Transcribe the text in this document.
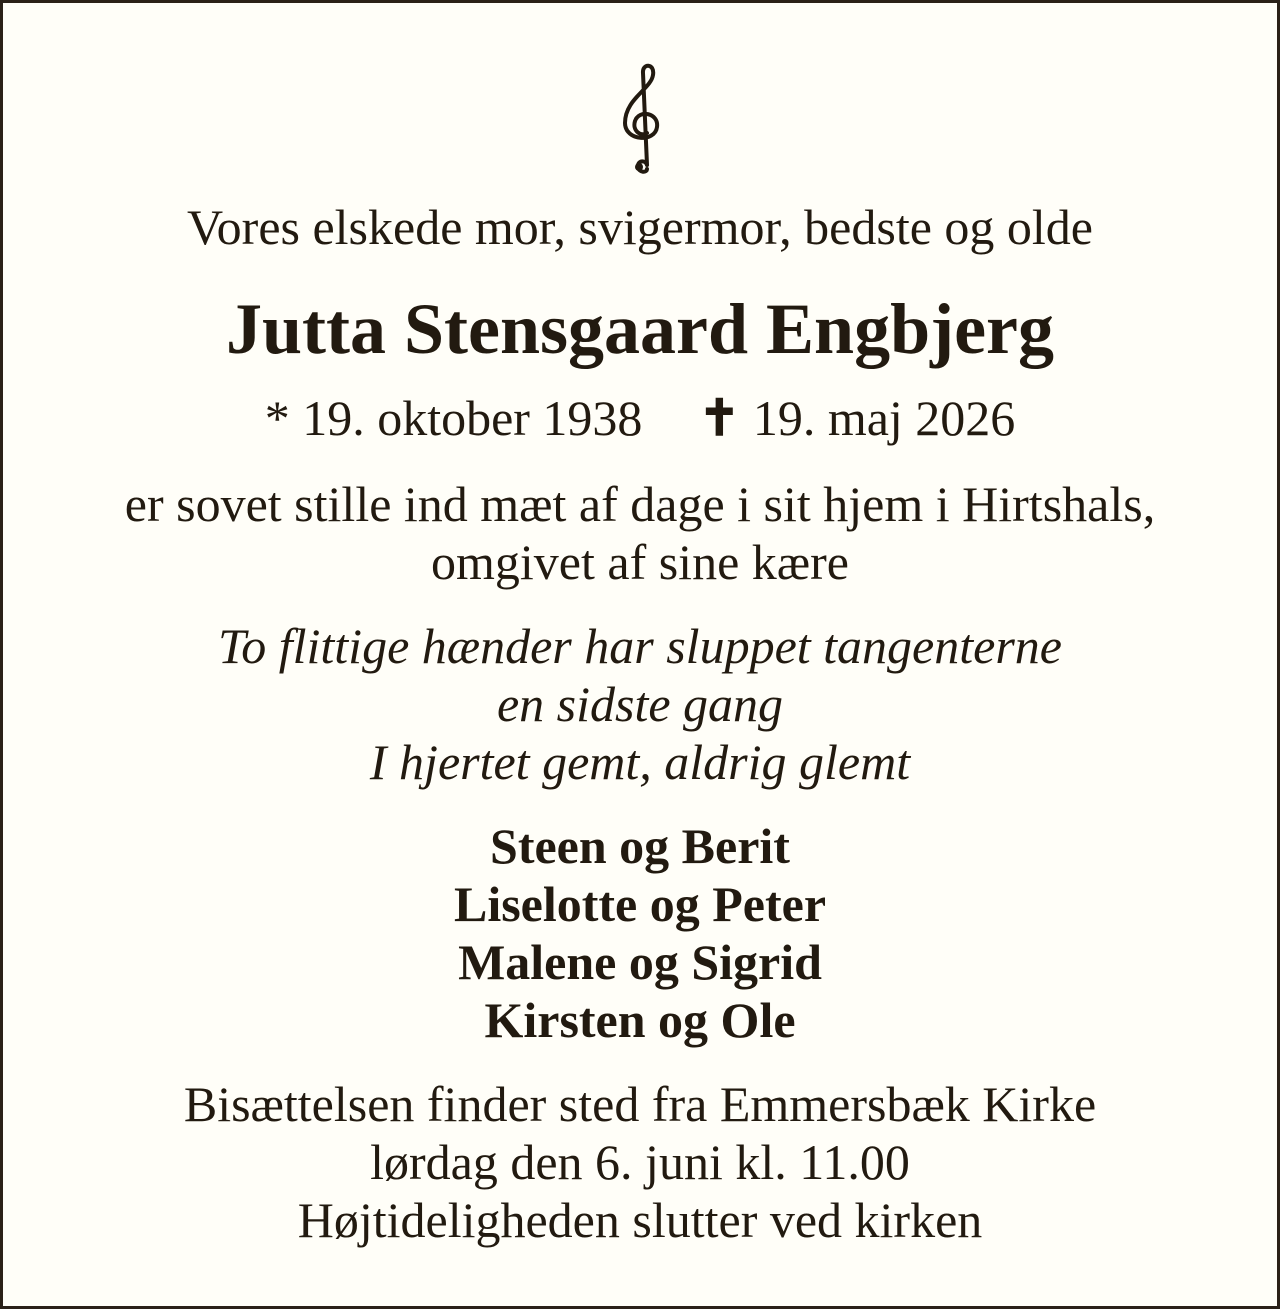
Vores elskede mor, svigermor, bedste og olde
Jutta Stensgaard Engbjerg
* 19. oktober 1938 ✝ 19. maj 2026
er sovet stille ind mæt af dage i sit hjem i Hirtshals,
omgivet af sine kære
To flittige hænder har sluppet tangenterne
en sidste gang
I hjertet gemt, aldrig glemt
Steen og Berit
Liselotte og Peter
Malene og Sigrid
Kirsten og Ole
Bisættelsen finder sted fra Emmersbæk Kirke
lørdag den 6. juni kl. 11.00
Højtideligheden slutter ved kirken
